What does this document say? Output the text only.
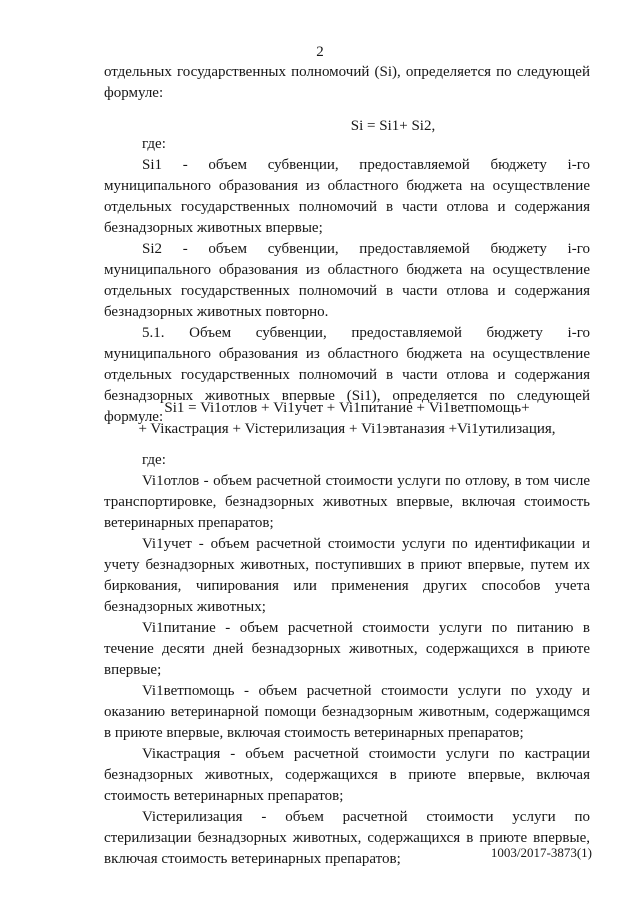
2
отдельных государственных полномочий (Si), определяется по следующей
формуле:
Si = Si1+ Si2,

где:

Si1 - объем субвенции, предоставляемой бюджету i-го муниципального образования из областного бюджета на осуществление отдельных государственных полномочий в части отлова и содержания безнадзорных животных впервые;

Si2 - объем субвенции, предоставляемой бюджету i-го муниципального образования из областного бюджета на осуществление отдельных государственных полномочий в части отлова и содержания безнадзорных животных повторно.

5.1. Объем субвенции, предоставляемой бюджету i-го муниципального образования из областного бюджета на осуществление отдельных государственных полномочий в части отлова и содержания безнадзорных животных впервые (Si1), определяется по следующей формуле:

Si1 = Vi1отлов + Vi1учет + Vi1питание + Vi1ветпомощь+
+ Viкастрация + Viстерилизация + Vi1эвтаназия +Vi1утилизация,

где:

Vi1отлов - объем расчетной стоимости услуги по отлову, в том числе транспортировке, безнадзорных животных впервые, включая стоимость ветеринарных препаратов;

Vi1учет - объем расчетной стоимости услуги по идентификации и учету безнадзорных животных, поступивших в приют впервые, путем их биркования, чипирования или применения других способов учета безнадзорных животных;

Vi1питание - объем расчетной стоимости услуги по питанию в течение десяти дней безнадзорных животных, содержащихся в приюте впервые;

Vi1ветпомощь - объем расчетной стоимости услуги по уходу и оказанию ветеринарной помощи безнадзорным животным, содержащимся в приюте впервые, включая стоимость ветеринарных препаратов;

Viкастрация - объем расчетной стоимости услуги по кастрации безнадзорных животных, содержащихся в приюте впервые, включая стоимость ветеринарных препаратов;

Viстерилизация - объем расчетной стоимости услуги по стерилизации безнадзорных животных, содержащихся в приюте впервые, включая стоимость ветеринарных препаратов;	1003/2017-3873(1)
